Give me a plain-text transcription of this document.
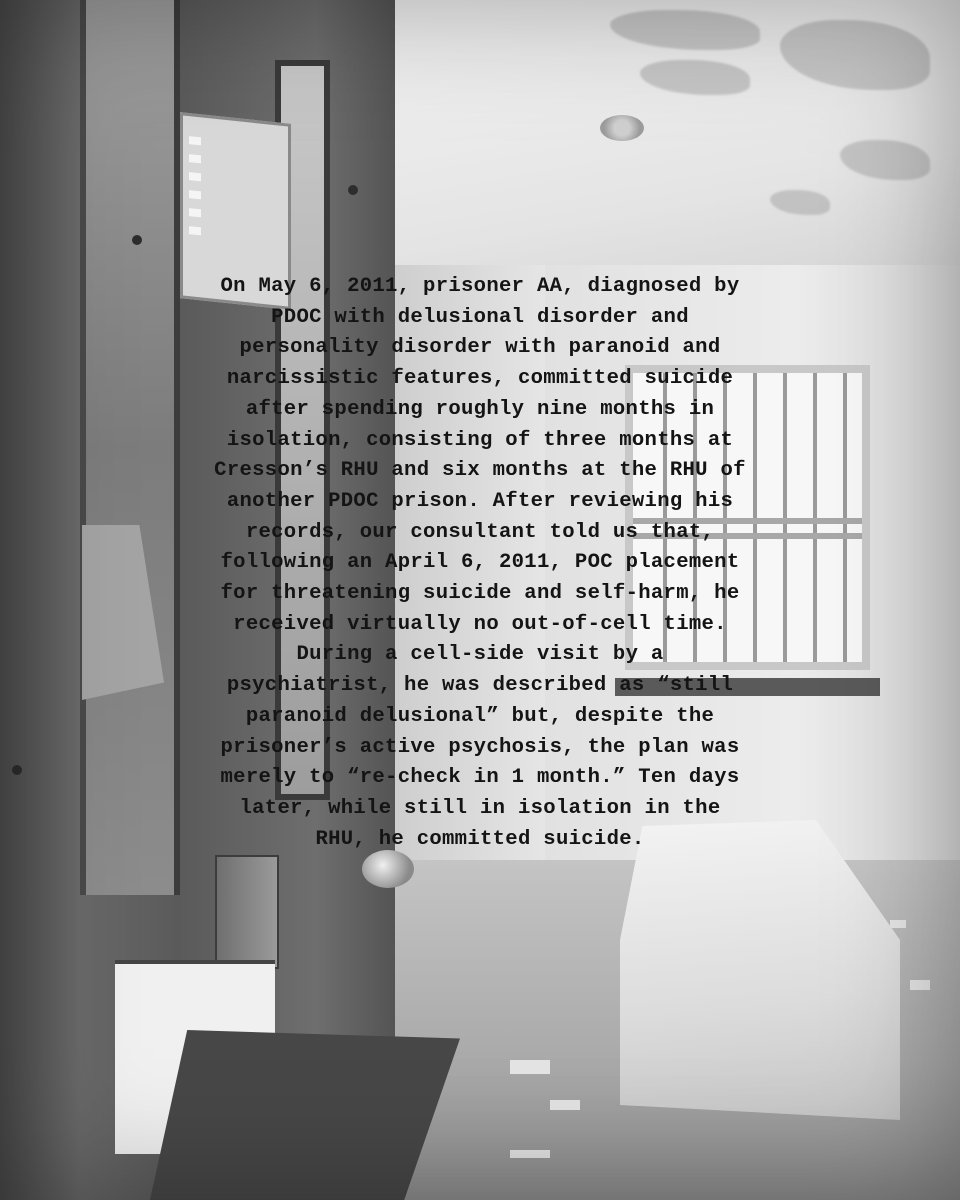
On May 6, 2011, prisoner AA, diagnosed by
PDOC with delusional disorder and
personality disorder with paranoid and
narcissistic features, committed suicide
after spending roughly nine months in
isolation, consisting of three months at
Cresson’s RHU and six months at the RHU of
another PDOC prison. After reviewing his
records, our consultant told us that,
following an April 6, 2011, POC placement
for threatening suicide and self-harm, he
received virtually no out-of-cell time.
During a cell-side visit by a
psychiatrist, he was described as “still
paranoid delusional” but, despite the
prisoner’s active psychosis, the plan was
merely to “re-check in 1 month.” Ten days
later, while still in isolation in the
RHU, he committed suicide.
